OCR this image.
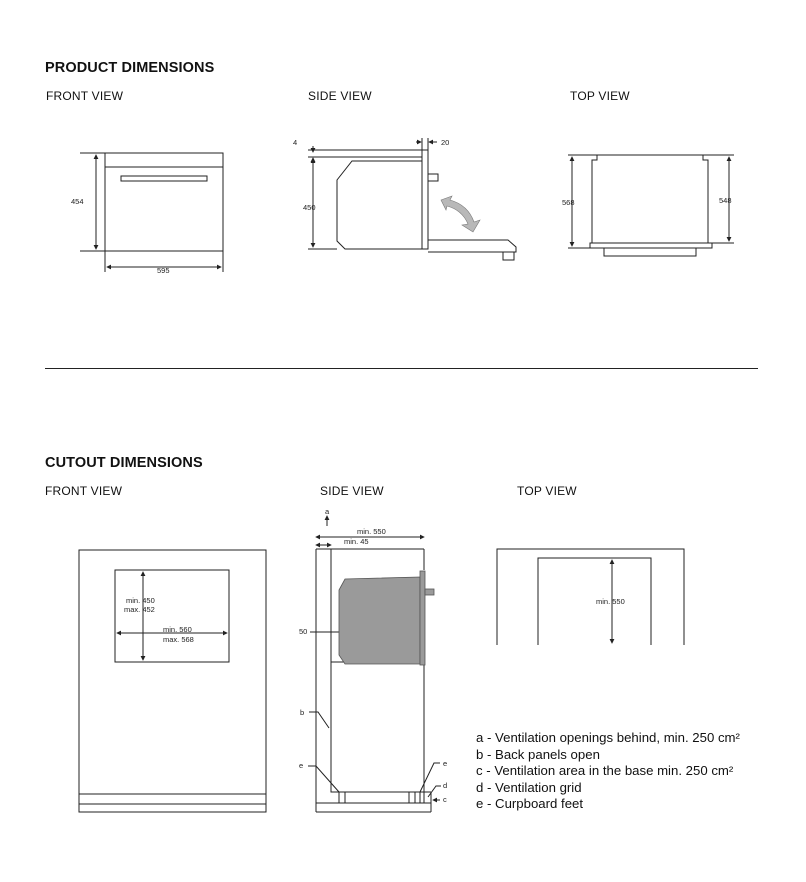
PRODUCT DIMENSIONS
FRONT VIEW	SIDE VIEW	TOP VIEW
CUTOUT DIMENSIONS
FRONT VIEW	SIDE VIEW	TOP VIEW
454
595
4	20
450
568	548
min. 450
max. 452
min. 560
max. 568
a
min. 550
min. 45
50
b
e	e
d
c
min. 550
a - Ventilation openings behind, min. 250 cm²
b - Back panels open
c - Ventilation area in the base min. 250 cm²
d - Ventilation grid
e - Curpboard feet
